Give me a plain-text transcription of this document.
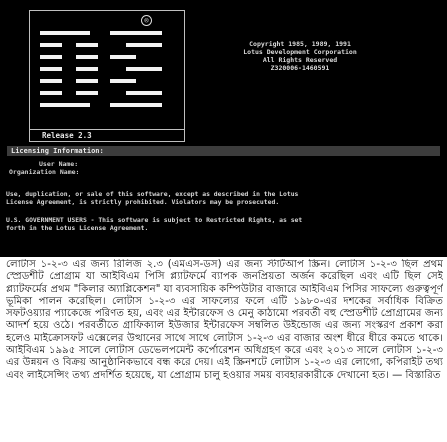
®
Release 2.3
Copyright 1985, 1989, 1991
Lotus Development Corporation
All Rights Reserved
Z320006-1460591
Licensing Information:
User Name:
Organization Name:
Use, duplication, or sale of this software, except as described in the Lotus
License Agreement, is strictly prohibited. Violators may be prosecuted.
U.S. GOVERNMENT USERS - This software is subject to Restricted Rights, as set
forth in the Lotus License Agreement.
লোটাস ১-২-৩ এর জন্য রিলিজ ২.৩ (এমএস-ডস) এর জন্য স্টার্টআপ স্ক্রিন। লোটাস ১-২-৩ ছিল প্রথম স্প্রেডশীট প্রোগ্রাম যা আইবিএম পিসি প্ল্যাটফর্মে ব্যাপক জনপ্রিয়তা অর্জন করেছিল এবং এটি ছিল সেই প্ল্যাটফর্মের প্রথম "কিলার অ্যাপ্লিকেশন" যা ব্যবসায়িক কম্পিউটার বাজারে আইবিএম পিসির সাফল্যে গুরুত্বপূর্ণ ভূমিকা পালন করেছিল। লোটাস ১-২-৩ এর সাফল্যের ফলে এটি ১৯৮০-এর দশকের সর্বাধিক বিক্রিত সফটওয়্যার প্যাকেজে পরিণত হয়, এবং এর ইন্টারফেস ও মেনু কাঠামো পরবর্তী বহু স্প্রেডশীট প্রোগ্রামের জন্য আদর্শ হয়ে ওঠে। পরবর্তীতে গ্রাফিক্যাল ইউজার ইন্টারফেস সম্বলিত উইন্ডোজ এর জন্য সংস্করণ প্রকাশ করা হলেও মাইক্রোসফট এক্সেলের উত্থানের সাথে সাথে লোটাস ১-২-৩ এর বাজার অংশ ধীরে ধীরে কমতে থাকে। আইবিএম ১৯৯৫ সালে লোটাস ডেভেলপমেন্ট কর্পোরেশন অধিগ্রহণ করে এবং ২০১৩ সালে লোটাস ১-২-৩ এর উন্নয়ন ও বিক্রয় আনুষ্ঠানিকভাবে বন্ধ করে দেয়। এই স্ক্রিনশটে লোটাস ১-২-৩ এর লোগো, কপিরাইট তথ্য এবং লাইসেন্সিং তথ্য প্রদর্শিত হয়েছে, যা প্রোগ্রাম চালু হওয়ার সময় ব্যবহারকারীকে দেখানো হত। — বিস্তারিত
